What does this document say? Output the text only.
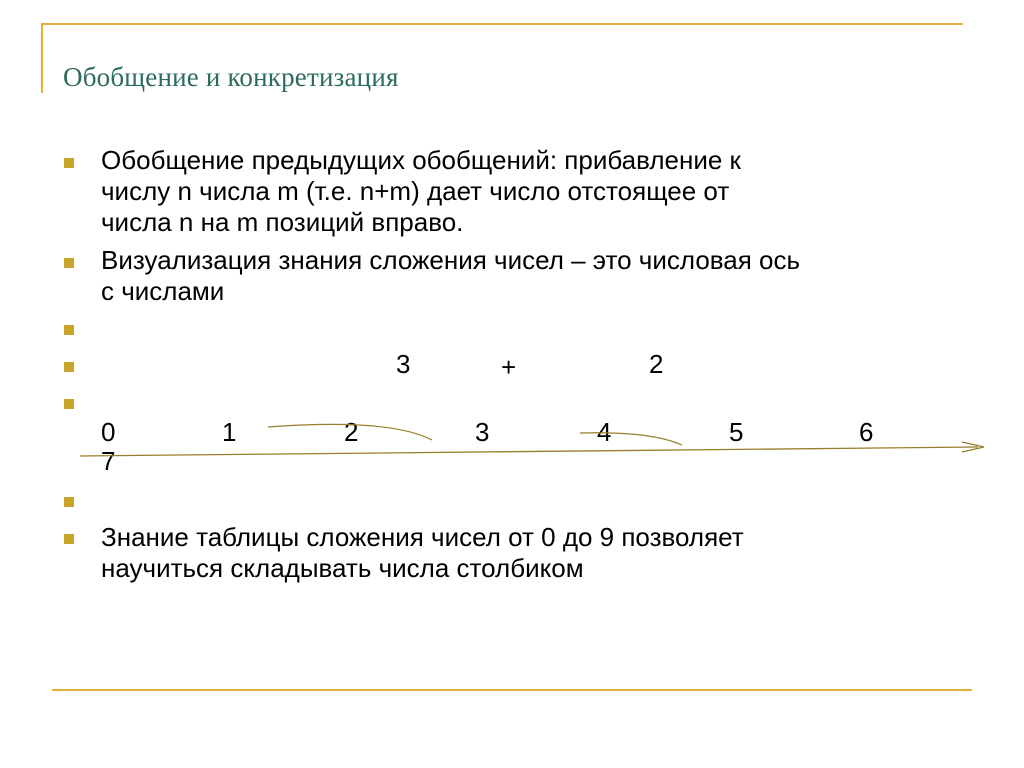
Обобщение и конкретизация

Обобщение предыдущих обобщений: прибавление к
числу n числа m (т.е. n+m) дает число отстоящее от
числа n на m позиций вправо.

Визуализация знания сложения чисел – это числовая ось
с числами

3	+	2
0	1	2	3	4	5	6
7

Знание таблицы сложения чисел от 0 до 9 позволяет
научиться складывать числа столбиком
